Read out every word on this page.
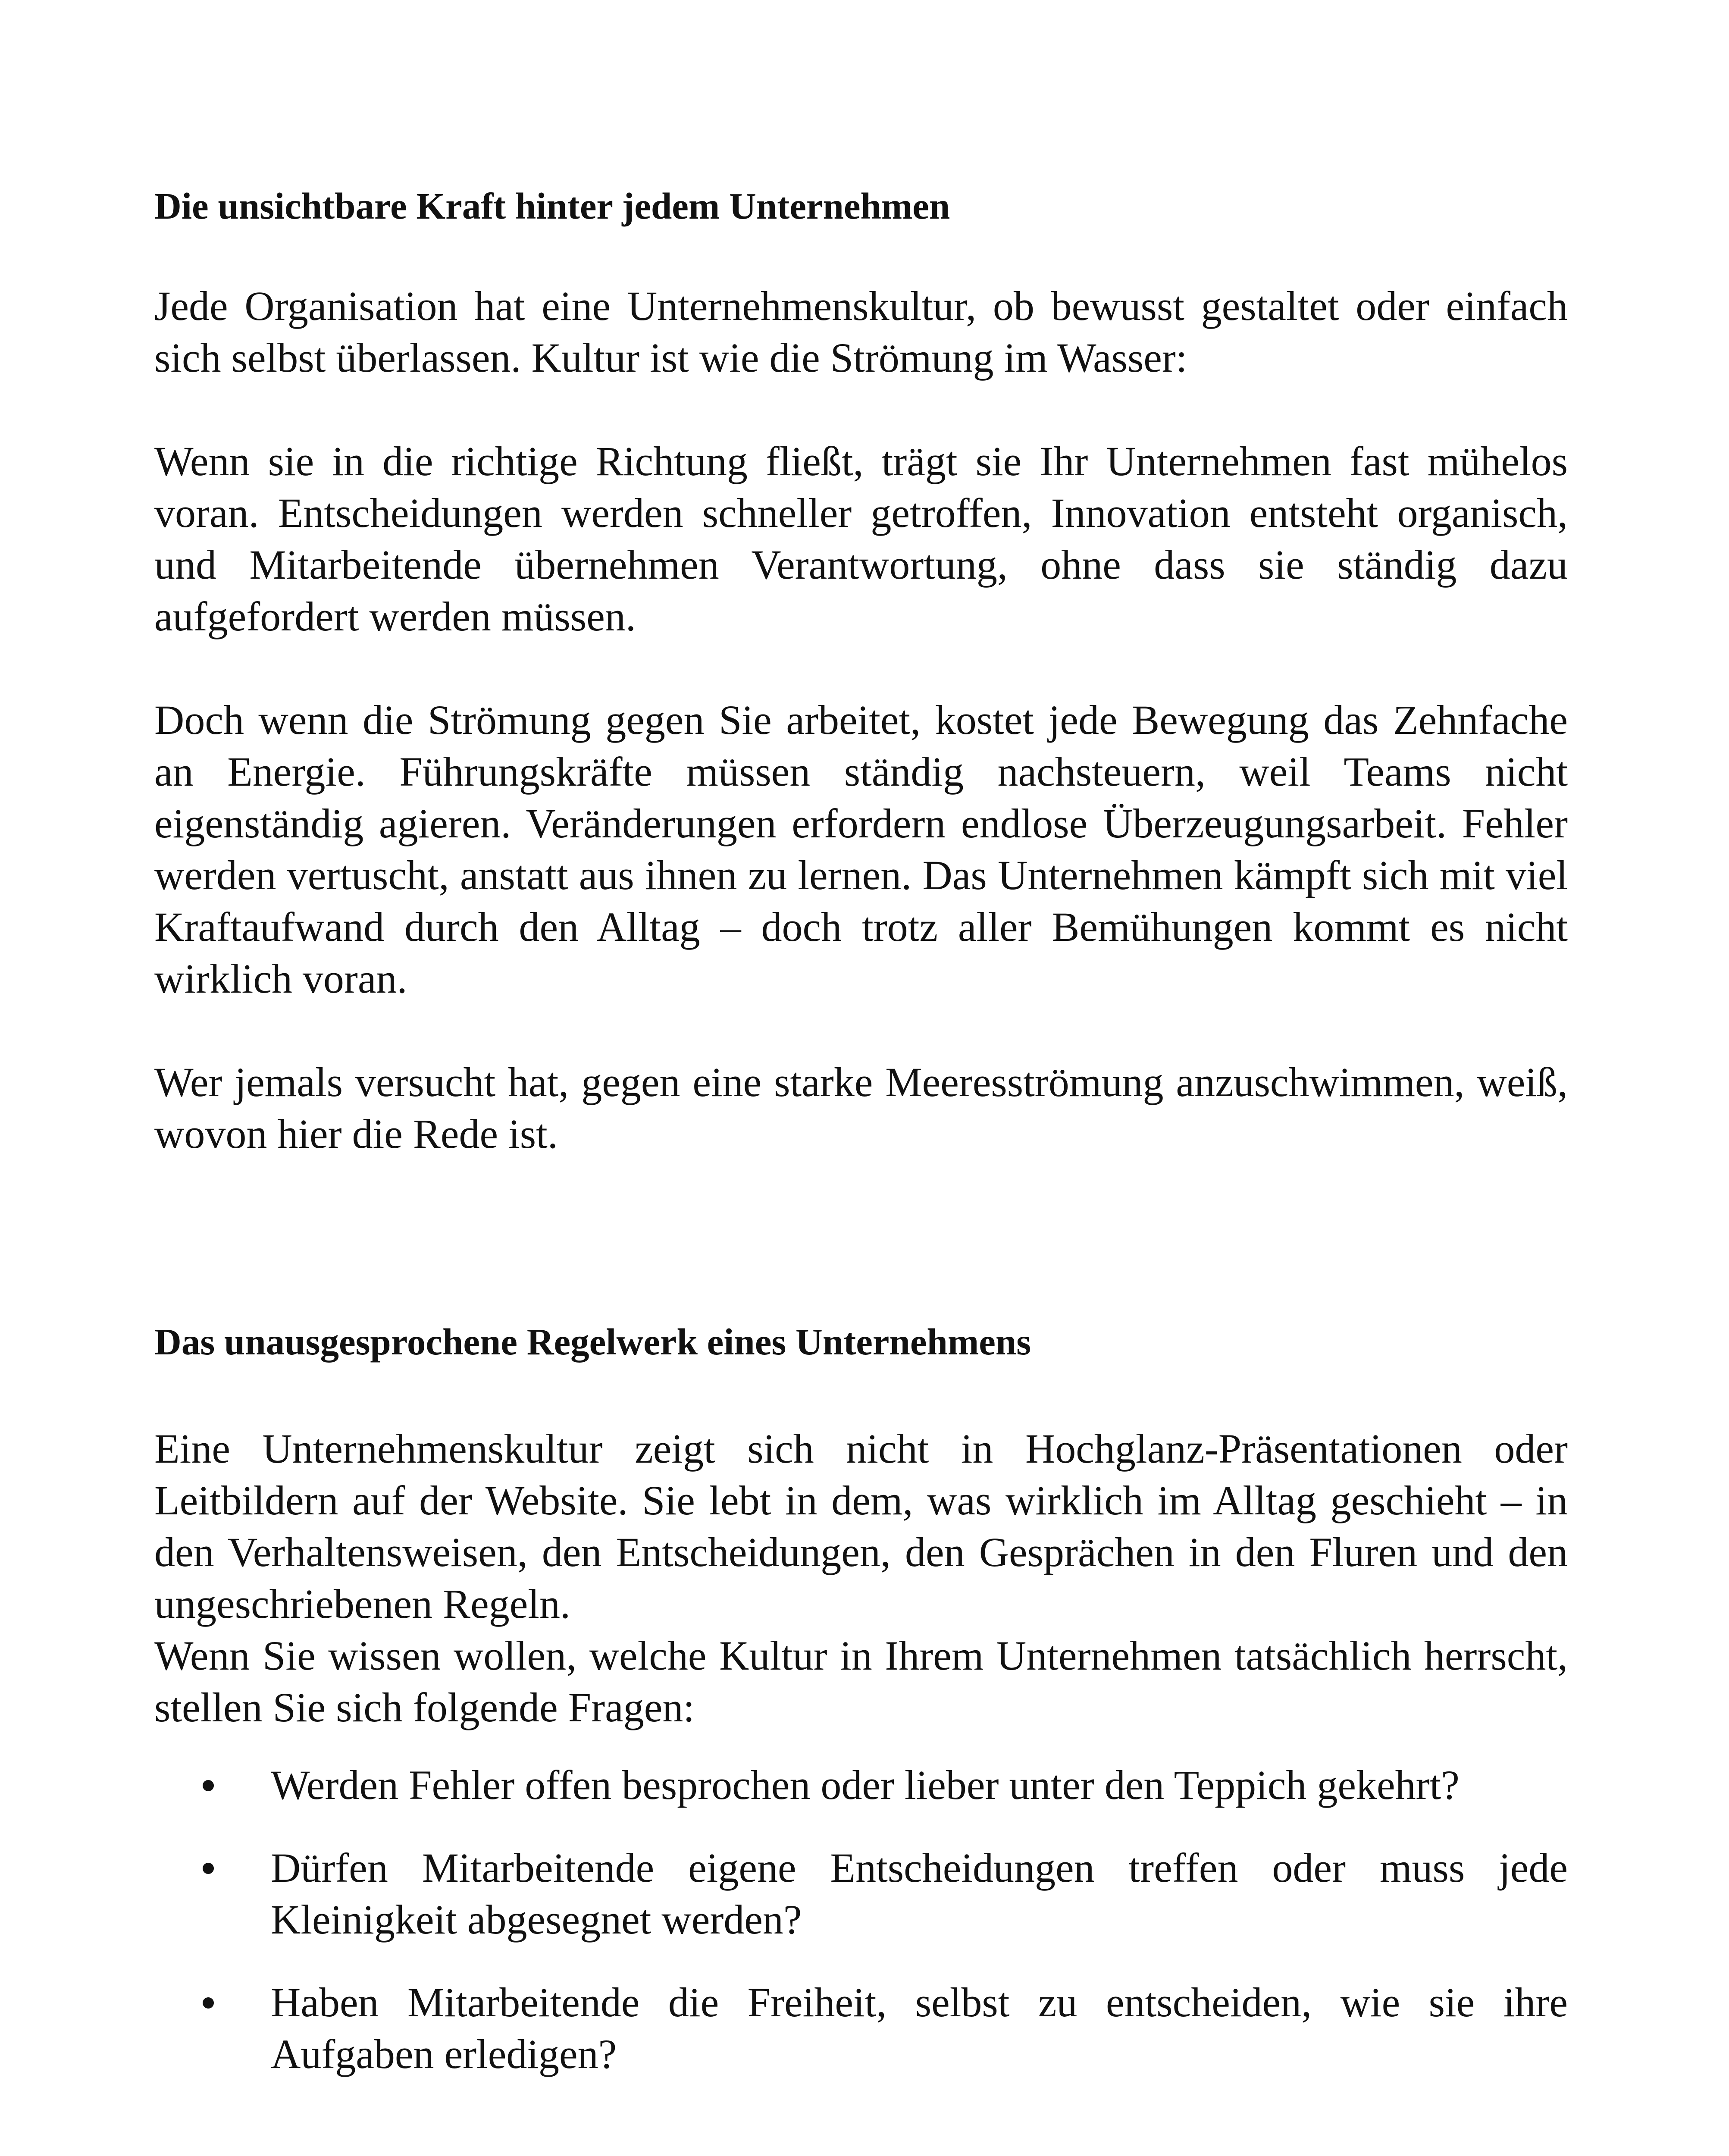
Die unsichtbare Kraft hinter jedem Unternehmen

Jede Organisation hat eine Unternehmenskultur, ob bewusst gestaltet oder einfach sich selbst überlassen. Kultur ist wie die Strömung im Wasser:

Wenn sie in die richtige Richtung fließt, trägt sie Ihr Unternehmen fast mühelos voran. Entscheidungen werden schneller getroffen, Innovation entsteht organisch, und Mitarbeitende übernehmen Verantwortung, ohne dass sie ständig dazu aufgefordert werden müssen.

Doch wenn die Strömung gegen Sie arbeitet, kostet jede Bewegung das Zehnfache an Energie. Führungskräfte müssen ständig nachsteuern, weil Teams nicht eigenständig agieren. Veränderungen erfordern endlose Überzeugungsarbeit. Fehler werden vertuscht, anstatt aus ihnen zu lernen. Das Unternehmen kämpft sich mit viel Kraftaufwand durch den Alltag – doch trotz aller Bemühungen kommt es nicht wirklich voran.

Wer jemals versucht hat, gegen eine starke Meeresströmung anzuschwimmen, weiß, wovon hier die Rede ist.

Das unausgesprochene Regelwerk eines Unternehmens

Eine Unternehmenskultur zeigt sich nicht in Hochglanz-Präsentationen oder Leitbildern auf der Website. Sie lebt in dem, was wirklich im Alltag geschieht – in den Verhaltensweisen, den Entscheidungen, den Gesprächen in den Fluren und den ungeschriebenen Regeln.

Wenn Sie wissen wollen, welche Kultur in Ihrem Unternehmen tatsächlich herrscht, stellen Sie sich folgende Fragen:

Werden Fehler offen besprochen oder lieber unter den Teppich gekehrt?
Dürfen Mitarbeitende eigene Entscheidungen treffen oder muss jede Kleinigkeit abgesegnet werden?
Haben Mitarbeitende die Freiheit, selbst zu entscheiden, wie sie ihre Aufgaben erledigen?
